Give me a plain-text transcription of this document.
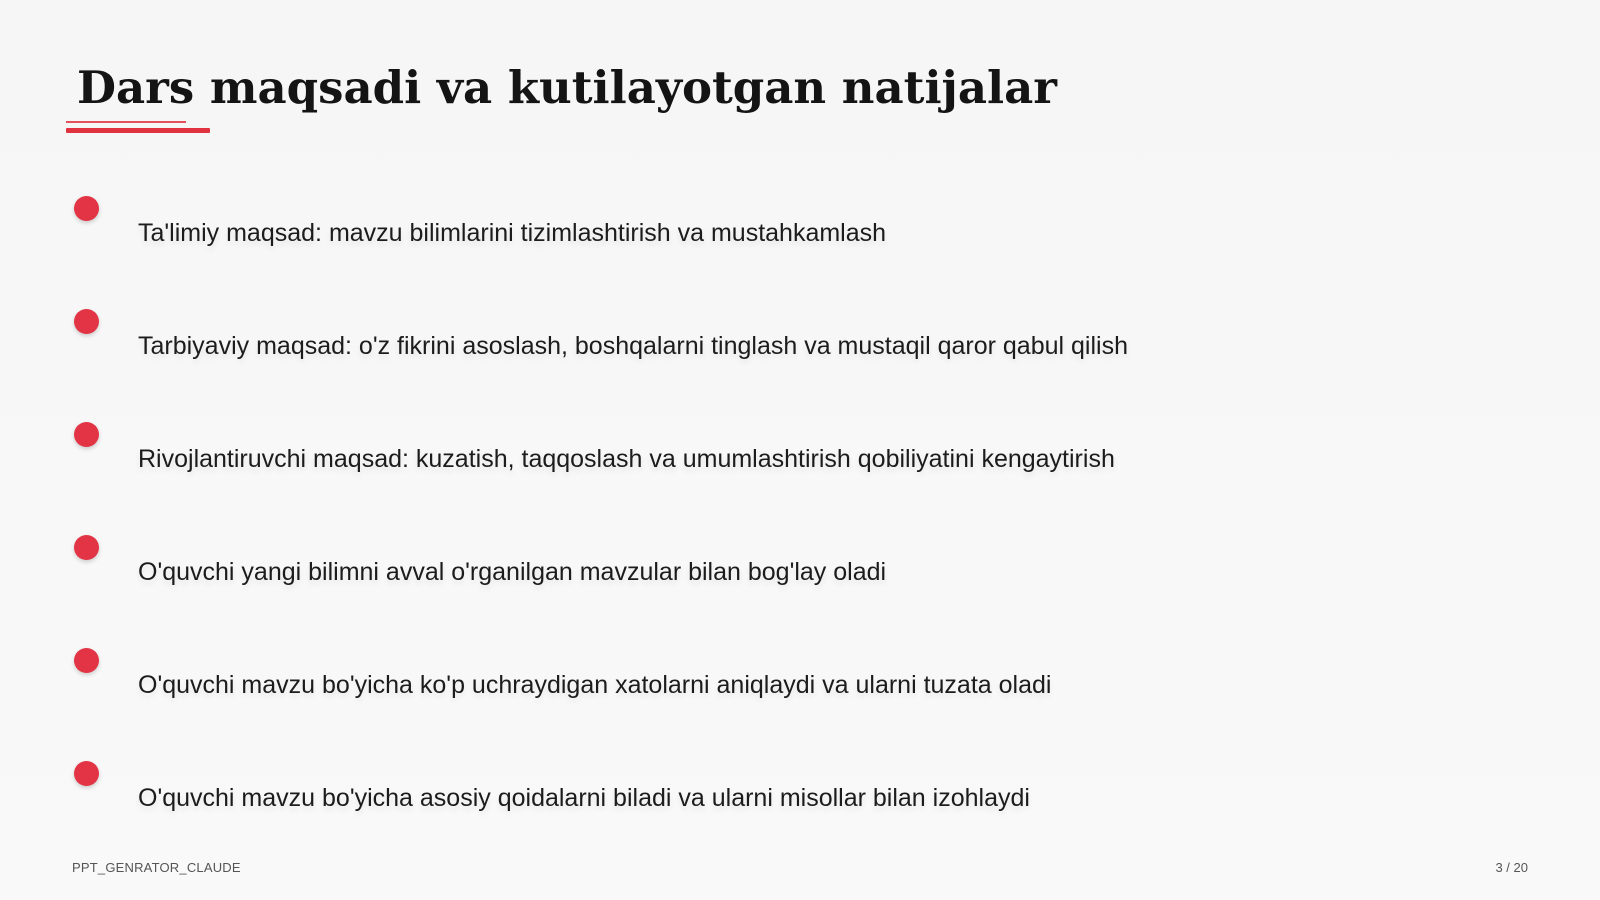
Dars maqsadi va kutilayotgan natijalar
Ta'limiy maqsad: mavzu bilimlarini tizimlashtirish va mustahkamlash
Tarbiyaviy maqsad: o'z fikrini asoslash, boshqalarni tinglash va mustaqil qaror qabul qilish
Rivojlantiruvchi maqsad: kuzatish, taqqoslash va umumlashtirish qobiliyatini kengaytirish
O'quvchi yangi bilimni avval o'rganilgan mavzular bilan bog'lay oladi
O'quvchi mavzu bo'yicha ko'p uchraydigan xatolarni aniqlaydi va ularni tuzata oladi
O'quvchi mavzu bo'yicha asosiy qoidalarni biladi va ularni misollar bilan izohlaydi
PPT_GENRATOR_CLAUDE	3 / 20
